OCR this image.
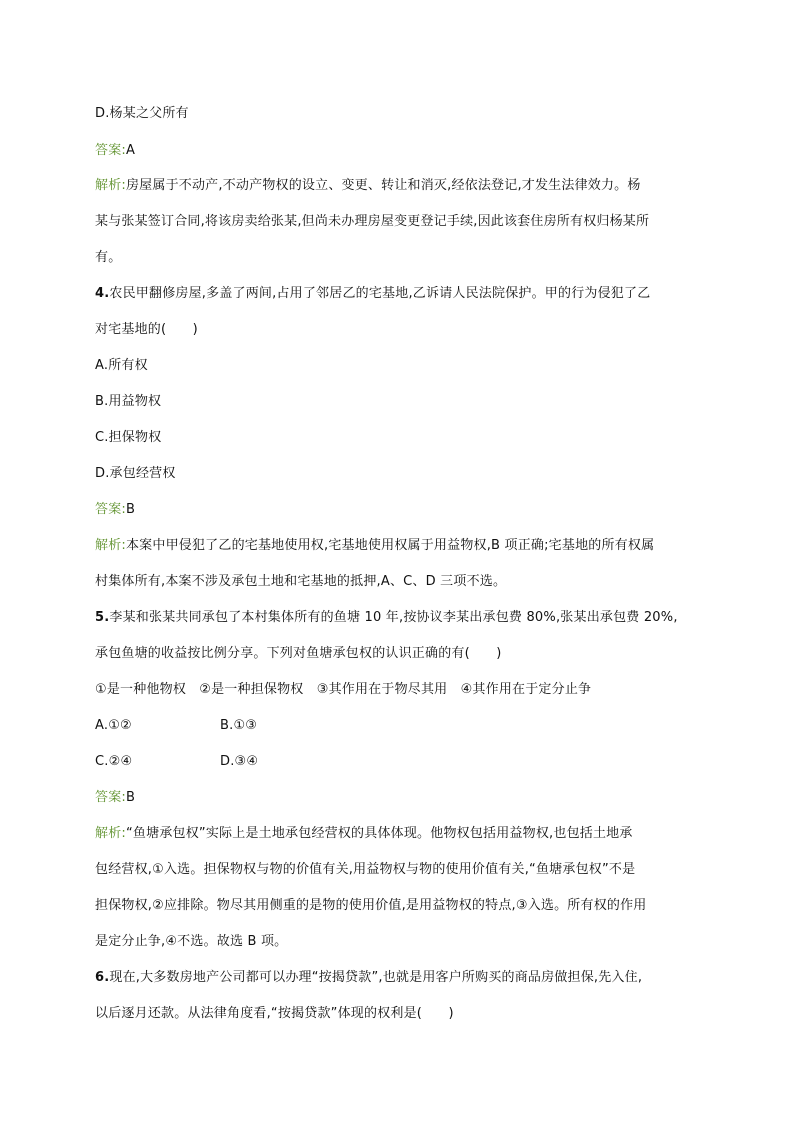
D.杨某之父所有
答案:A
解析:房屋属于不动产,不动产物权的设立、变更、转让和消灭,经依法登记,才发生法律效力。杨
某与张某签订合同,将该房卖给张某,但尚未办理房屋变更登记手续,因此该套住房所有权归杨某所
有。
4.农民甲翻修房屋,多盖了两间,占用了邻居乙的宅基地,乙诉请人民法院保护。甲的行为侵犯了乙
对宅基地的(　　)
A.所有权
B.用益物权
C.担保物权
D.承包经营权
答案:B
解析:本案中甲侵犯了乙的宅基地使用权,宅基地使用权属于用益物权,B 项正确;宅基地的所有权属
村集体所有,本案不涉及承包土地和宅基地的抵押,A、C、D 三项不选。
5.李某和张某共同承包了本村集体所有的鱼塘 10 年,按协议李某出承包费 80%,张某出承包费 20%,
承包鱼塘的收益按比例分享。下列对鱼塘承包权的认识正确的有(　　)
①是一种他物权　②是一种担保物权　③其作用在于物尽其用　④其作用在于定分止争
A.①②	B.①③
C.②④	D.③④
答案:B
解析:“鱼塘承包权”实际上是土地承包经营权的具体体现。他物权包括用益物权,也包括土地承
包经营权,①入选。担保物权与物的价值有关,用益物权与物的使用价值有关,“鱼塘承包权”不是
担保物权,②应排除。物尽其用侧重的是物的使用价值,是用益物权的特点,③入选。所有权的作用
是定分止争,④不选。故选 B 项。
6.现在,大多数房地产公司都可以办理“按揭贷款”,也就是用客户所购买的商品房做担保,先入住,
以后逐月还款。从法律角度看,“按揭贷款”体现的权利是(　　)
